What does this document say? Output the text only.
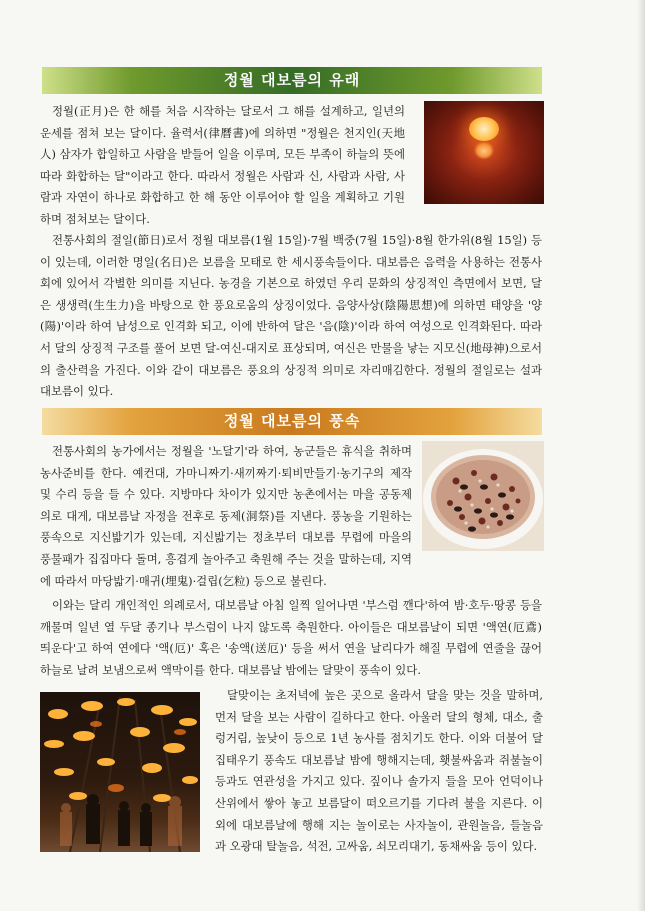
정월 대보름의 유래

정월(正月)은 한 해를 처음 시작하는 달로서 그 해를 설계하고, 일년의 운세를 점쳐 보는 달이다. 율력서(律曆書)에 의하면 "정월은 천지인(天地人) 삼자가 합일하고 사람을 받들어 일을 이루며, 모든 부족이 하늘의 뜻에 따라 화합하는 달"이라고 한다. 따라서 정월은 사람과 신, 사람과 사람, 사람과 자연이 하나로 화합하고 한 해 동안 이루어야 할 일을 계획하고 기원하며 점쳐보는 달이다.

전통사회의 절일(節日)로서 정월 대보름(1월 15일)·7월 백중(7월 15일)·8월 한가위(8월 15일) 등이 있는데, 이러한 명일(名日)은 보름을 모태로 한 세시풍속들이다. 대보름은 음력을 사용하는 전통사회에 있어서 각별한 의미를 지닌다. 농경을 기본으로 하였던 우리 문화의 상징적인 측면에서 보면, 달은 생생력(生生力)을 바탕으로 한 풍요로움의 상징이었다. 음양사상(陰陽思想)에 의하면 태양을 '양(陽)'이라 하여 남성으로 인격화 되고, 이에 반하여 달은 '음(陰)'이라 하여 여성으로 인격화된다. 따라서 달의 상징적 구조를 풀어 보면 달-여신-대지로 표상되며, 여신은 만물을 낳는 지모신(地母神)으로서의 출산력을 가진다. 이와 같이 대보름은 풍요의 상징적 의미로 자리매김한다. 정월의 절일로는 설과 대보름이 있다.

정월 대보름의 풍속

전통사회의 농가에서는 정월을 '노달기'라 하여, 농군들은 휴식을 취하며 농사준비를 한다. 예컨대, 가마니짜기·새끼짜기·퇴비만들기·농기구의 제작 및 수리 등을 들 수 있다. 지방마다 차이가 있지만 농촌에서는 마을 공동제의로 대게, 대보름날 자정을 전후로 동제(洞祭)를 지낸다. 풍농을 기원하는 풍속으로 지신밟기가 있는데, 지신밟기는 정초부터 대보름 무렵에 마을의 풍물패가 집집마다 돌며, 흥겹게 놀아주고 축원해 주는 것을 말하는데, 지역에 따라서 마당밟기·매귀(埋鬼)·걸립(乞粒) 등으로 불린다.

이와는 달리 개인적인 의례로서, 대보름날 아침 일찍 일어나면 '부스럼 깬다'하여 밤·호두·땅콩 등을 깨물며 일년 열 두달 종기나 부스럼이 나지 않도록 축원한다. 아이들은 대보름날이 되면 '액연(厄鳶) 띄운다'고 하여 연에다 '액(厄)' 혹은 '송액(送厄)' 등을 써서 연을 날리다가 해질 무렵에 연줄을 끊어 하늘로 날려 보냄으로써 액막이를 한다. 대보름날 밤에는 달맞이 풍속이 있다.

달맞이는 초저녁에 높은 곳으로 올라서 달을 맞는 것을 말하며, 먼저 달을 보는 사람이 길하다고 한다. 아울러 달의 형체, 대소, 출렁거림, 높낮이 등으로 1년 농사를 점치기도 한다. 이와 더불어 달집태우기 풍속도 대보름날 밤에 행해지는데, 횃불싸움과 쥐불놀이 등과도 연관성을 가지고 있다. 짚이나 솔가지 들을 모아 언덕이나 산위에서 쌓아 놓고 보름달이 떠오르기를 기다려 불을 지른다. 이외에 대보름날에 행해 지는 놀이로는 사자놀이, 관원놀음, 들놀음과 오광대 탈놀음, 석전, 고싸움, 쇠모리대기, 동채싸움 등이 있다.
